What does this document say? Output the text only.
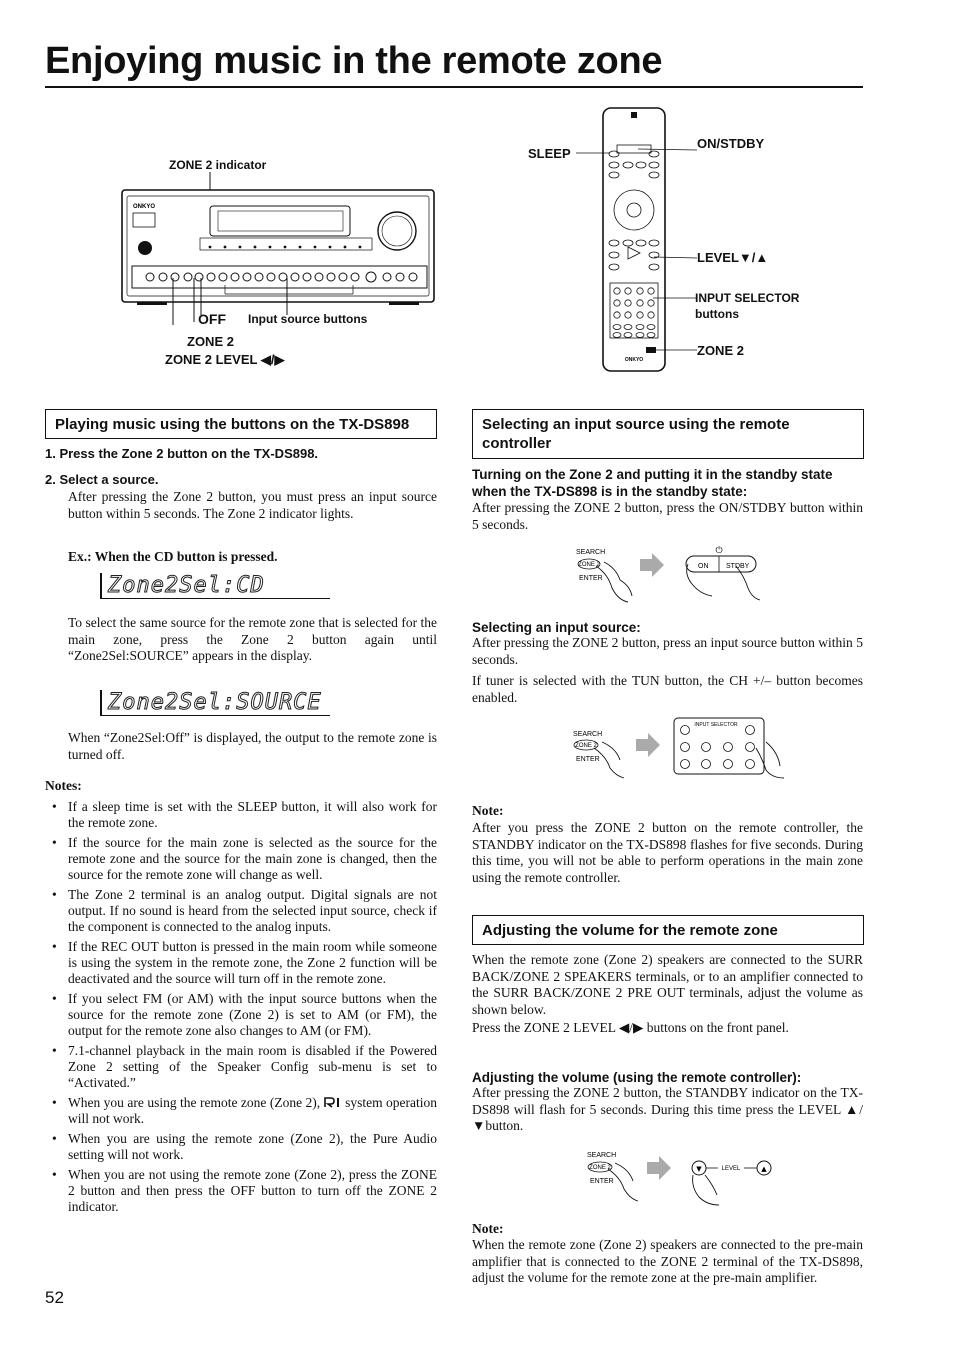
Enjoying music in the remote zone
ZONE 2 indicator
ONKYO
OFF Input source buttons
ZONE 2
ZONE 2 LEVEL ◀/▶	ONKYO
SLEEP
ON/STDBY
LEVEL▼/▲
INPUT SELECTOR
buttons
ZONE 2
Playing music using the buttons on the TX-DS898
1. Press the Zone 2 button on the TX-DS898.
2. Select a source.
After pressing the Zone 2 button, you must press an input source button within 5 seconds. The Zone 2 indicator lights.
Ex.: When the CD button is pressed.
Zone2Sel:CD
To select the same source for the remote zone that is selected for the main zone, press the Zone 2 button again until “Zone2Sel:SOURCE” appears in the display.
Zone2Sel:SOURCE
When “Zone2Sel:Off” is displayed, the output to the remote zone is turned off.
Notes:
• If a sleep time is set with the SLEEP button, it will also work for the remote zone.
• If the source for the main zone is selected as the source for the remote zone and the source for the main zone is changed, then the source for the remote zone will change as well.
• The Zone 2 terminal is an analog output. Digital signals are not output. If no sound is heard from the selected input source, check if the component is connected to the analog inputs.
• If the REC OUT button is pressed in the main room while someone is using the system in the remote zone, the Zone 2 function will be deactivated and the source will turn off in the remote zone.
• If you select FM (or AM) with the input source buttons when the source for the remote zone (Zone 2) is set to AM (or FM), the output for the remote zone also changes to AM (or FM).
• 7.1-channel playback in the main room is disabled if the Powered Zone 2 setting of the Speaker Config sub-menu is set to “Activated.”
• When you are using the remote zone (Zone 2), system operation will not work.
• When you are using the remote zone (Zone 2), the Pure Audio setting will not work.
• When you are not using the remote zone (Zone 2), press the ZONE 2 button and then press the OFF button to turn off the ZONE 2 indicator.
52
Selecting an input source using the remote controller
Turning on the Zone 2 and putting it in the standby state when the TX-DS898 is in the standby state:
After pressing the ZONE 2 button, press the ON/STDBY button within 5 seconds.
SEARCH
ZONE 2
ENTER
⏻
ON	STDBY
Selecting an input source:
After pressing the ZONE 2 button, press an input source button within 5 seconds.
If tuner is selected with the TUN button, the CH +/– button becomes enabled.
SEARCH
ZONE 2
ENTER
INPUT SELECTOR
Note:
After you press the ZONE 2 button on the remote controller, the STANDBY indicator on the TX-DS898 flashes for five seconds. During this time, you will not be able to perform operations in the main zone using the remote controller.
Adjusting the volume for the remote zone
When the remote zone (Zone 2) speakers are connected to the SURR BACK/ZONE 2 SPEAKERS terminals, or to an amplifier connected to the SURR BACK/ZONE 2 PRE OUT terminals, adjust the volume as shown below.
Press the ZONE 2 LEVEL ◀/▶ buttons on the front panel.
Adjusting the volume (using the remote controller):
After pressing the ZONE 2 button, the STANDBY indicator on the TX-DS898 will flash for 5 seconds. During this time press the LEVEL ▲/▼button.
SEARCH
ZONE 2
ENTER
▼	LEVEL	▲
Note:
When the remote zone (Zone 2) speakers are connected to the pre-main amplifier that is connected to the ZONE 2 terminal of the TX-DS898, adjust the volume for the remote zone at the pre-main amplifier.
